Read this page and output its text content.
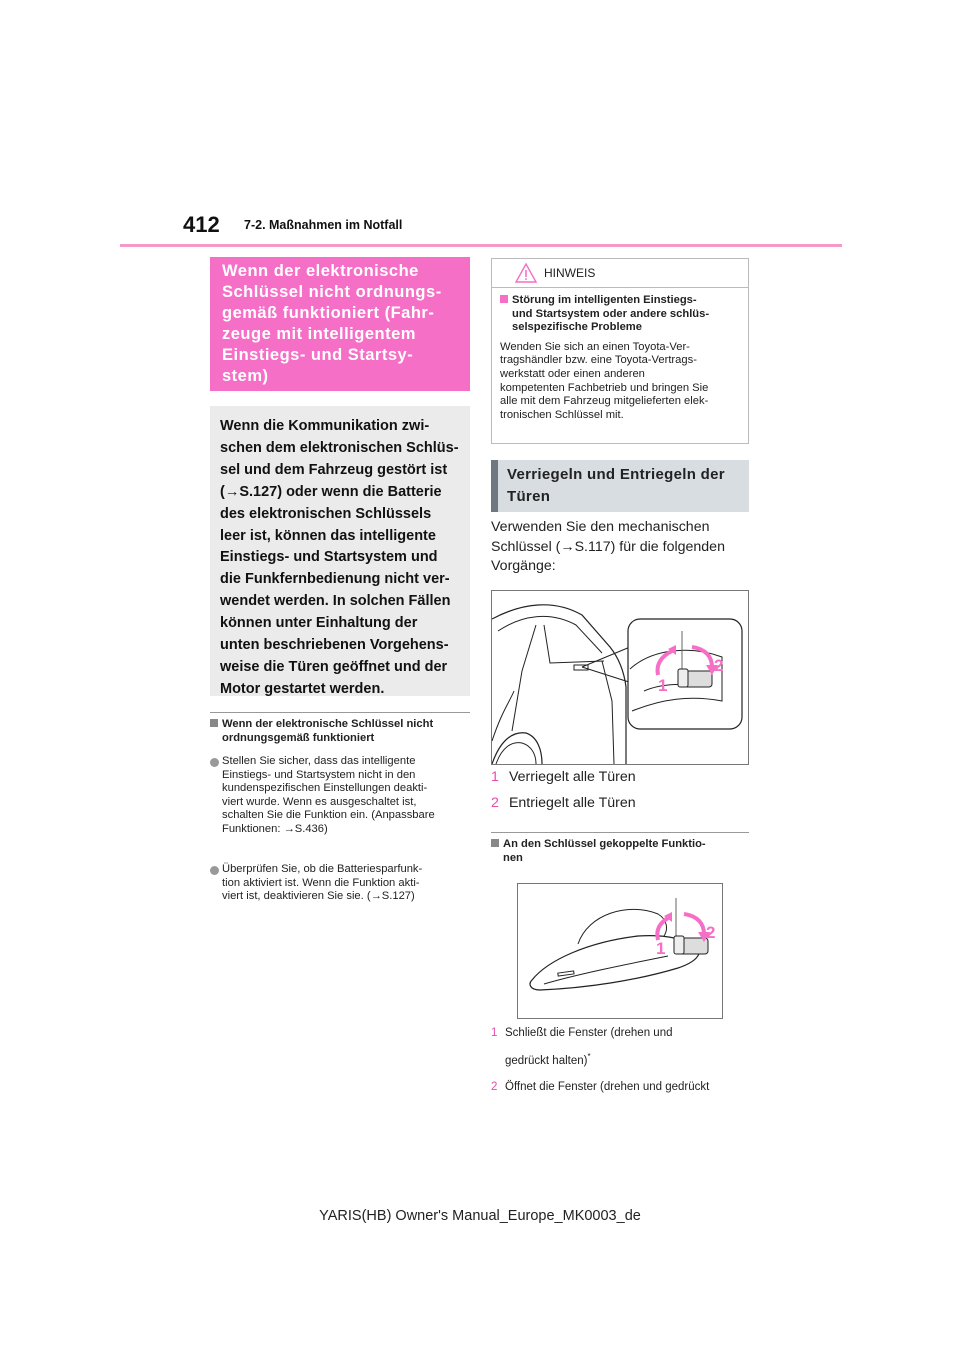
412 7-2. Maßnahmen im Notfall
Wenn der elektronische
Schlüssel nicht ordnungs-
gemäß funktioniert (Fahr-
zeuge mit intelligentem
Einstiegs- und Startsy-
stem)
Wenn die Kommunikation zwi-
schen dem elektronischen Schlüs-
sel und dem Fahrzeug gestört ist
(→S.127) oder wenn die Batterie
des elektronischen Schlüssels
leer ist, können das intelligente
Einstiegs- und Startsystem und
die Funkfernbedienung nicht ver-
wendet werden. In solchen Fällen
können unter Einhaltung der
unten beschriebenen Vorgehens-
weise die Türen geöffnet und der
Motor gestartet werden.
Wenn der elektronische Schlüssel nicht
ordnungsgemäß funktioniert
Stellen Sie sicher, dass das intelligente
Einstiegs- und Startsystem nicht in den
kundenspezifischen Einstellungen deakti-
viert wurde. Wenn es ausgeschaltet ist,
schalten Sie die Funktion ein. (Anpassbare
Funktionen: →S.436)
Überprüfen Sie, ob die Batteriesparfunk-
tion aktiviert ist. Wenn die Funktion akti-
viert ist, deaktivieren Sie sie. (→S.127)
HINWEIS
Störung im intelligenten Einstiegs-
und Startsystem oder andere schlüs-
selspezifische Probleme
Wenden Sie sich an einen Toyota-Ver-
tragshändler bzw. eine Toyota-Vertrags-
werkstatt oder einen anderen
kompetenten Fachbetrieb und bringen Sie
alle mit dem Fahrzeug mitgelieferten elek-
tronischen Schlüssel mit.
Verriegeln und Entriegeln der
Türen
Verwenden Sie den mechanischen
Schlüssel (→S.117) für die folgenden
Vorgänge:
1
2
1 Verriegelt alle Türen
2 Entriegelt alle Türen
An den Schlüssel gekoppelte Funktio-
nen
1
2
1 Schließt die Fenster (drehen und
gedrückt halten)*
2 Öffnet die Fenster (drehen und gedrückt
YARIS(HB) Owner's Manual_Europe_MK0003_de
